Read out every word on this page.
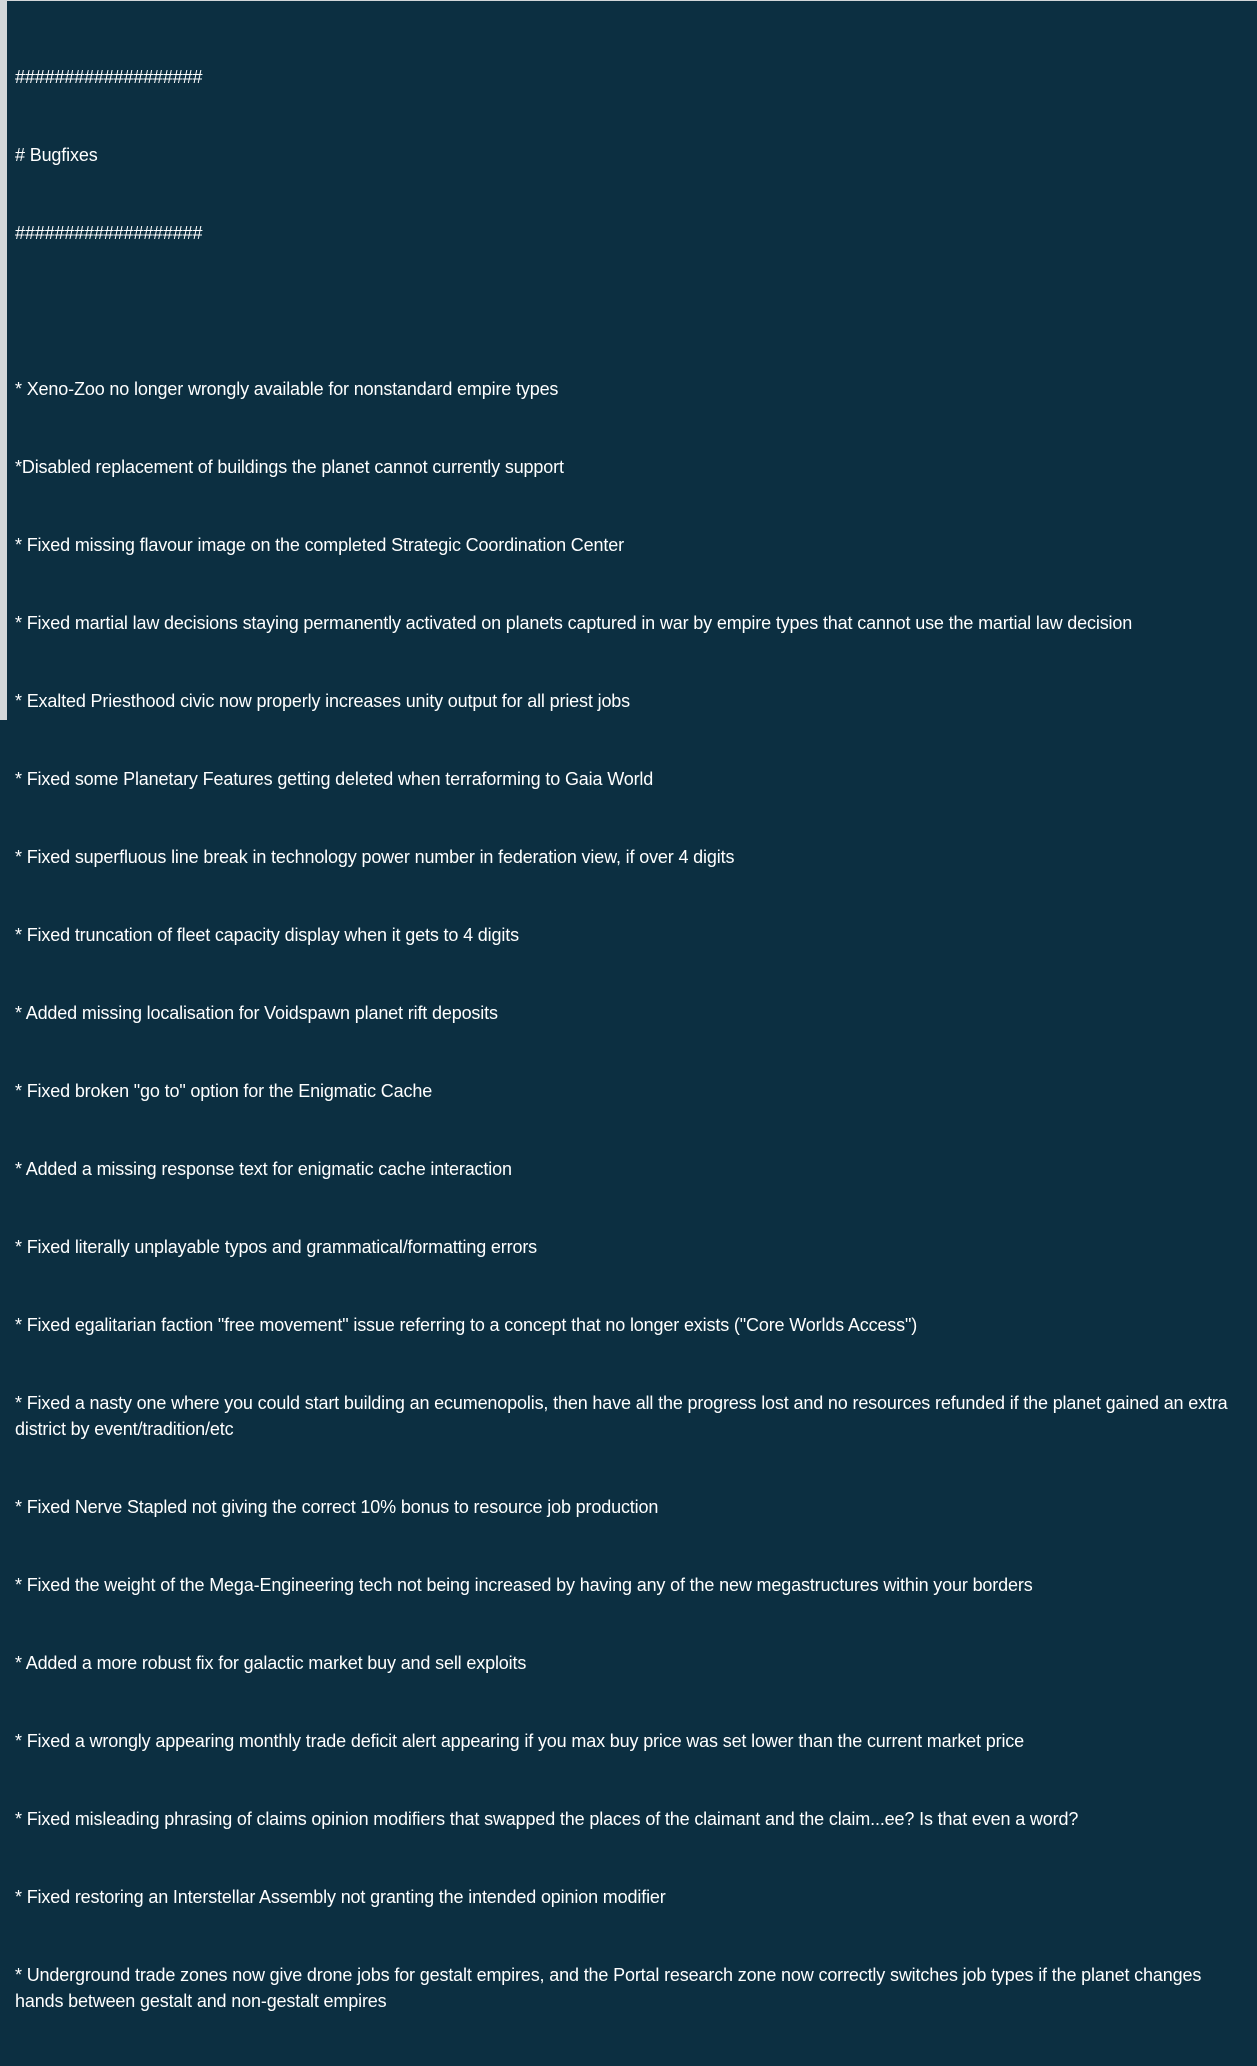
###################

# Bugfixes

###################

* Xeno-Zoo no longer wrongly available for nonstandard empire types

*Disabled replacement of buildings the planet cannot currently support

* Fixed missing flavour image on the completed Strategic Coordination Center

* Fixed martial law decisions staying permanently activated on planets captured in war by empire types that cannot use the martial law decision

* Exalted Priesthood civic now properly increases unity output for all priest jobs

* Fixed some Planetary Features getting deleted when terraforming to Gaia World

* Fixed superfluous line break in technology power number in federation view, if over 4 digits

* Fixed truncation of fleet capacity display when it gets to 4 digits

* Added missing localisation for Voidspawn planet rift deposits

* Fixed broken "go to" option for the Enigmatic Cache

* Added a missing response text for enigmatic cache interaction

* Fixed literally unplayable typos and grammatical/formatting errors

* Fixed egalitarian faction "free movement" issue referring to a concept that no longer exists ("Core Worlds Access")

* Fixed a nasty one where you could start building an ecumenopolis, then have all the progress lost and no resources refunded if the planet gained an extra district by event/tradition/etc

* Fixed Nerve Stapled not giving the correct 10% bonus to resource job production

* Fixed the weight of the Mega-Engineering tech not being increased by having any of the new megastructures within your borders

* Added a more robust fix for galactic market buy and sell exploits

* Fixed a wrongly appearing monthly trade deficit alert appearing if you max buy price was set lower than the current market price

* Fixed misleading phrasing of claims opinion modifiers that swapped the places of the claimant and the claim...ee? Is that even a word?

* Fixed restoring an Interstellar Assembly not granting the intended opinion modifier

* Underground trade zones now give drone jobs for gestalt empires, and the Portal research zone now correctly switches job types if the planet changes hands between gestalt and non-gestalt empires
